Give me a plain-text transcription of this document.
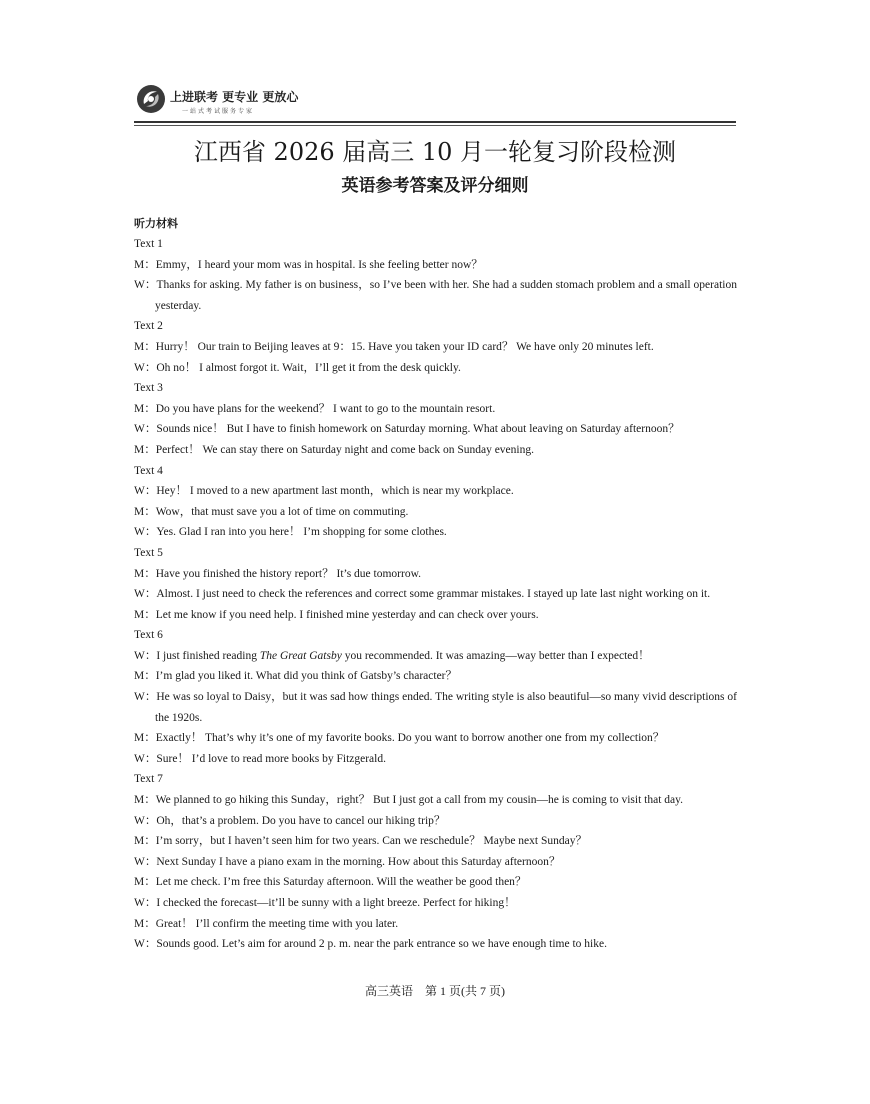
上进联考 更专业 更放心
一站式考试服务专家
江西省 2026 届高三 10 月一轮复习阶段检测
英语参考答案及评分细则
听力材料
Text 1
M：Emmy，I heard your mom was in hospital. Is she feeling better now？
W：Thanks for asking. My father is on business，so I’ve been with her. She had a sudden stomach problem and a small operation yesterday.
Text 2
M：Hurry！ Our train to Beijing leaves at 9：15. Have you taken your ID card？ We have only 20 minutes left.
W：Oh no！ I almost forgot it. Wait，I’ll get it from the desk quickly.
Text 3
M：Do you have plans for the weekend？ I want to go to the mountain resort.
W：Sounds nice！ But I have to finish homework on Saturday morning. What about leaving on Saturday afternoon？
M：Perfect！ We can stay there on Saturday night and come back on Sunday evening.
Text 4
W：Hey！ I moved to a new apartment last month，which is near my workplace.
M：Wow，that must save you a lot of time on commuting.
W：Yes. Glad I ran into you here！ I’m shopping for some clothes.
Text 5
M：Have you finished the history report？ It’s due tomorrow.
W：Almost. I just need to check the references and correct some grammar mistakes. I stayed up late last night working on it.
M：Let me know if you need help. I finished mine yesterday and can check over yours.
Text 6
W：I just finished reading The Great Gatsby you recommended. It was amazing—way better than I expected！
M：I’m glad you liked it. What did you think of Gatsby’s character？
W：He was so loyal to Daisy，but it was sad how things ended. The writing style is also beautiful—so many vivid descriptions of the 1920s.
M：Exactly！ That’s why it’s one of my favorite books. Do you want to borrow another one from my collection？
W：Sure！ I’d love to read more books by Fitzgerald.
Text 7
M：We planned to go hiking this Sunday，right？ But I just got a call from my cousin—he is coming to visit that day.
W：Oh，that’s a problem. Do you have to cancel our hiking trip？
M：I’m sorry，but I haven’t seen him for two years. Can we reschedule？ Maybe next Sunday？
W：Next Sunday I have a piano exam in the morning. How about this Saturday afternoon？
M：Let me check. I’m free this Saturday afternoon. Will the weather be good then？
W：I checked the forecast—it’ll be sunny with a light breeze. Perfect for hiking！
M：Great！ I’ll confirm the meeting time with you later.
W：Sounds good. Let’s aim for around 2 p. m. near the park entrance so we have enough time to hike.
高三英语　第 1 页(共 7 页)
